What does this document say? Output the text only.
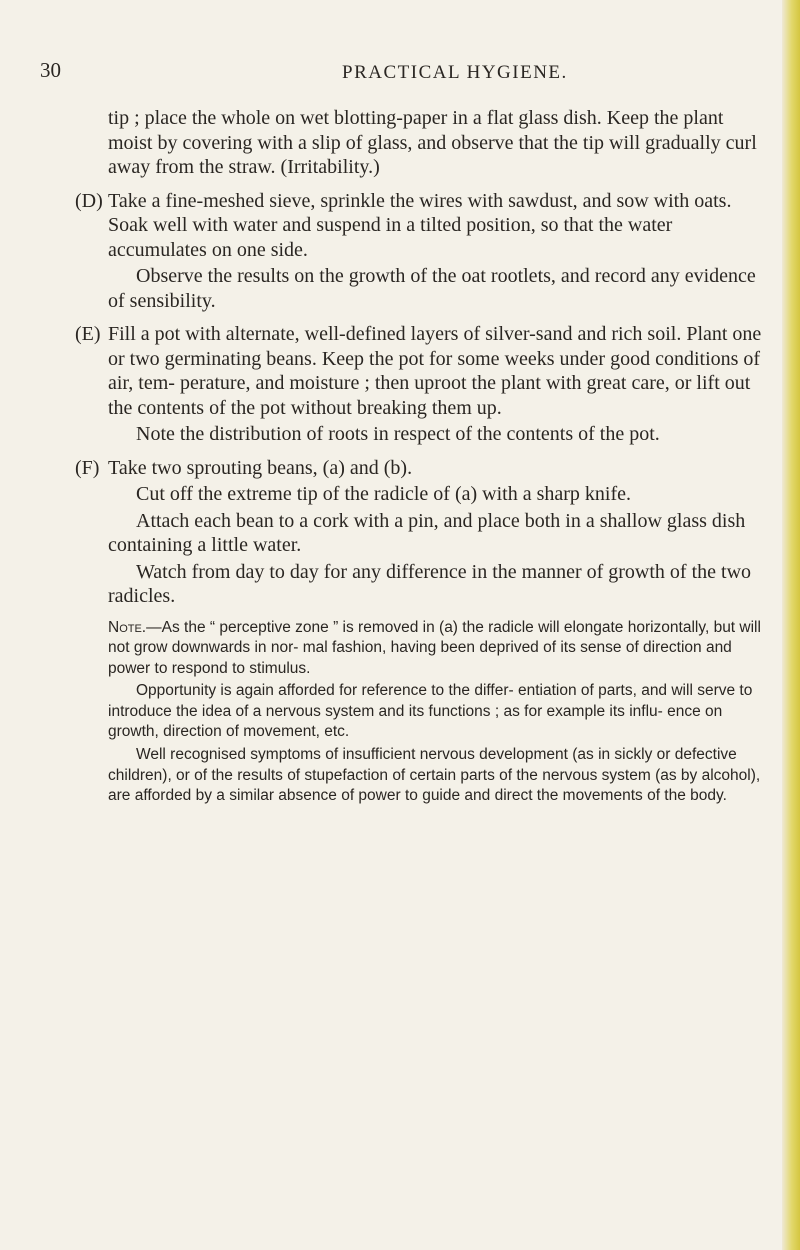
30	PRACTICAL HYGIENE.

tip ; place the whole on wet blotting-paper in a flat glass dish. Keep the plant moist by covering with a slip of glass, and observe that the tip will gradually curl away from the straw. (Irritability.)

(D) Take a fine-meshed sieve, sprinkle the wires with sawdust, and sow with oats. Soak well with water and suspend in a tilted position, so that the water accumulates on one side.

Observe the results on the growth of the oat rootlets, and record any evidence of sensibility.

(E) Fill a pot with alternate, well-defined layers of silver-sand and rich soil. Plant one or two germinating beans. Keep the pot for some weeks under good conditions of air, tem- perature, and moisture ; then uproot the plant with great care, or lift out the contents of the pot without breaking them up.

Note the distribution of roots in respect of the contents of the pot.

(F) Take two sprouting beans, (a) and (b).

Cut off the extreme tip of the radicle of (a) with a sharp knife.

Attach each bean to a cork with a pin, and place both in a shallow glass dish containing a little water.

Watch from day to day for any difference in the manner of growth of the two radicles.

Note.—As the “ perceptive zone ” is removed in (a) the radicle will elongate horizontally, but will not grow downwards in nor- mal fashion, having been deprived of its sense of direction and power to respond to stimulus.

Opportunity is again afforded for reference to the differ- entiation of parts, and will serve to introduce the idea of a nervous system and its functions ; as for example its influ- ence on growth, direction of movement, etc.

Well recognised symptoms of insufficient nervous development (as in sickly or defective children), or of the results of stupefaction of certain parts of the nervous system (as by alcohol), are afforded by a similar absence of power to guide and direct the movements of the body.
